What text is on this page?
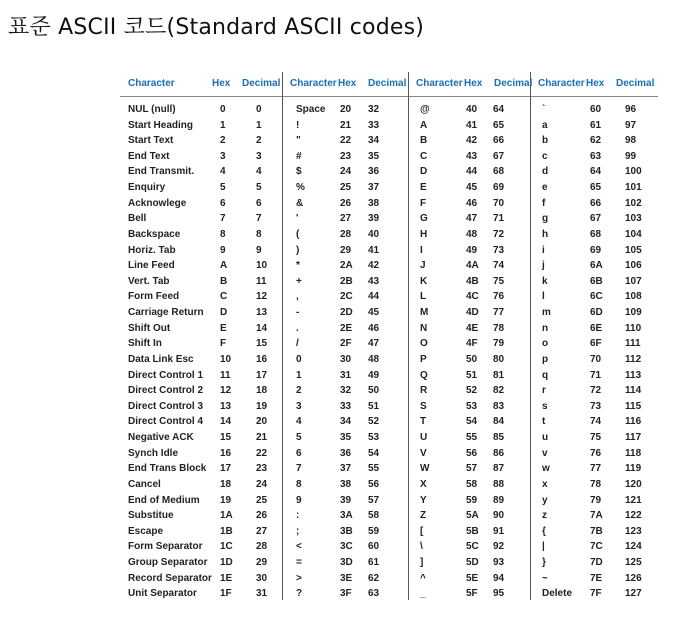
표준 ASCII 코드(Standard ASCII codes)
Character	Hex Decimal Character Hex Decimal Character Hex Decimal Character Hex Decimal
NUL (null)	0	0	Space 20 32	@	40 64	`	60 96
Start Heading	1	1	!	21 33	A	41 65	a	61 97
Start Text	2	2	"	22 34	B	42 66	b	62 98
End Text	3	3	#	23 35	C	43 67	c	63 99
End Transmit.	4	4	$	24 36	D	44 68	d	64 100
Enquiry	5	5	%	25 37	E	45 69	e	65 101
Acknowlege	6	6	&	26 38	F	46 70	f	66 102
Bell	7	7	'	27 39	G	47 71	g	67 103
Backspace	8	8	(	28 40	H	48 72	h	68 104
Horiz. Tab	9	9	)	29 41	I	49 73	i	69 105
Line Feed	A	10	*	2A 42	J	4A 74	j	6A 106
Vert. Tab	B	11	+	2B 43	K	4B 75	k	6B 107
Form Feed	C	12	,	2C 44	L	4C 76	l	6C 108
Carriage Return D	13	-	2D 45	M	4D 77	m	6D 109
Shift Out	E	14	.	2E 46	N	4E 78	n	6E 110
Shift In	F	15	/	2F 47	O	4F 79	o	6F 111
Data Link Esc	10 16	0	30 48	P	50 80	p	70 112
Direct Control 1 11	17	1	31 49	Q	51 81	q	71 113
Direct Control 2 12 18	2	32 50	R	52 82	r	72 114
Direct Control 3 13 19	3	33 51	S	53 83	s	73 115
Direct Control 4 14 20	4	34 52	T	54 84	t	74 116
Negative ACK	15 21	5	35 53	U	55 85	u	75 117
Synch Idle	16 22	6	36 54	V	56 86	v	76 118
End Trans Block 17 23	7	37 55	W	57 87	w	77 119
Cancel	18 24	8	38 56	X	58 88	x	78 120
End of Medium 19 25	9	39 57	Y	59 89	y	79 121
Substitue	1A 26	:	3A 58	Z	5A 90	z	7A 122
Escape	1B 27	;	3B 59	[	5B 91	{	7B 123
Form Separator 1C 28	<	3C 60	\	5C 92	|	7C 124
Group Separator 1D 29	=	3D 61	]	5D 93	}	7D 125
Record Separator 1E 30	>	3E 62	^	5E 94	~	7E 126
Unit Separator 1F 31	?	3F 63	_	5F 95	Delete 7F 127
